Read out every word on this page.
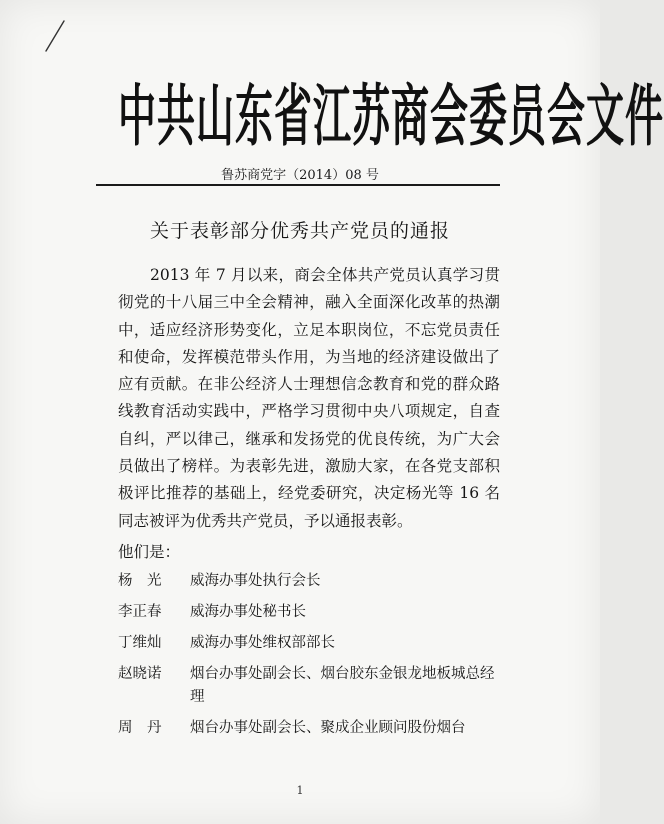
中共山东省江苏商会委员会文件
鲁苏商党字（2014）08 号
关于表彰部分优秀共产党员的通报

2013 年 7 月以来，商会全体共产党员认真学习贯彻党的十八届三中全会精神，融入全面深化改革的热潮中，适应经济形势变化，立足本职岗位，不忘党员责任和使命，发挥模范带头作用，为当地的经济建设做出了应有贡献。在非公经济人士理想信念教育和党的群众路线教育活动实践中，严格学习贯彻中央八项规定，自查自纠，严以律己，继承和发扬党的优良传统，为广大会员做出了榜样。为表彰先进，激励大家，在各党支部积极评比推荐的基础上，经党委研究，决定杨光等 16 名同志被评为优秀共产党员，予以通报表彰。

他们是：

杨　光	威海办事处执行会长
李正春	威海办事处秘书长
丁维灿	威海办事处维权部部长
赵晓诺	烟台办事处副会长、烟台胶东金银龙地板城总经理
周　丹	烟台办事处副会长、聚成企业顾问股份烟台
1
